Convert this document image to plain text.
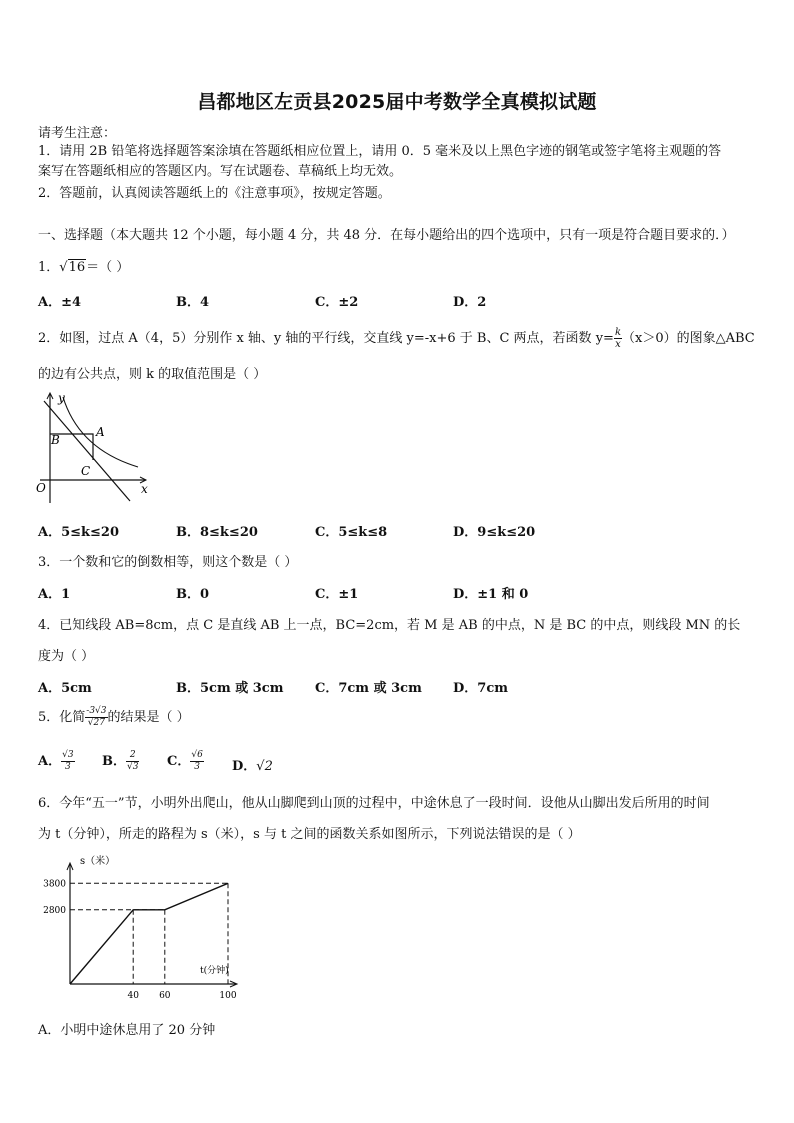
昌都地区左贡县2025届中考数学全真模拟试题
请考生注意：
1．请用 2B 铅笔将选择题答案涂填在答题纸相应位置上，请用 0．5 毫米及以上黑色字迹的钢笔或签字笔将主观题的答
案写在答题纸相应的答题区内。写在试题卷、草稿纸上均无效。
2．答题前，认真阅读答题纸上的《注意事项》，按规定答题。
一、选择题（本大题共 12 个小题，每小题 4 分，共 48 分．在每小题给出的四个选项中，只有一项是符合题目要求的．）
1．√16＝（ ）
A．±4	B．4	C．±2	D．2
2．如图，过点 A（4，5）分别作 x 轴、y 轴的平行线，交直线 y=-x+6 于 B、C 两点，若函数 $y= \frac{k}{x} (x>0)$的图象△ABC
的边有公共点，则 k 的取值范围是（ ）
y
x
O
A
B
C
A．5≤k≤20	B．8≤k≤20	C．5≤k≤8	D．9≤k≤20
3．一个数和它的倒数相等，则这个数是（ ）
A．1	B．0	C．±1	D．±1 和 0
4．已知线段 AB=8cm，点 C 是直线 AB 上一点，BC=2cm，若 M 是 AB 的中点，N 是 BC 的中点，则线段 MN 的长
度为（ ）
A．5cm	B．5cm 或 3cm C．7cm 或 3cm D．7cm
5．化简 $\frac{-3√3}{√27}$ 的结果是（ ）
A． $\frac{√3}{3}$ B． $\frac{2}{√3}$ C． $\frac{√6}{3}$ D．√2
6．今年“五一”节，小明外出爬山，他从山脚爬到山顶的过程中，中途休息了一段时间．设他从山脚出发后所用的时间
为 t（分钟），所走的路程为 s（米），s 与 t 之间的函数关系如图所示，下列说法错误的是（ ）
s（米）
t(分钟)
40 60	100
3800
2800
A．小明中途休息用了 20 分钟
